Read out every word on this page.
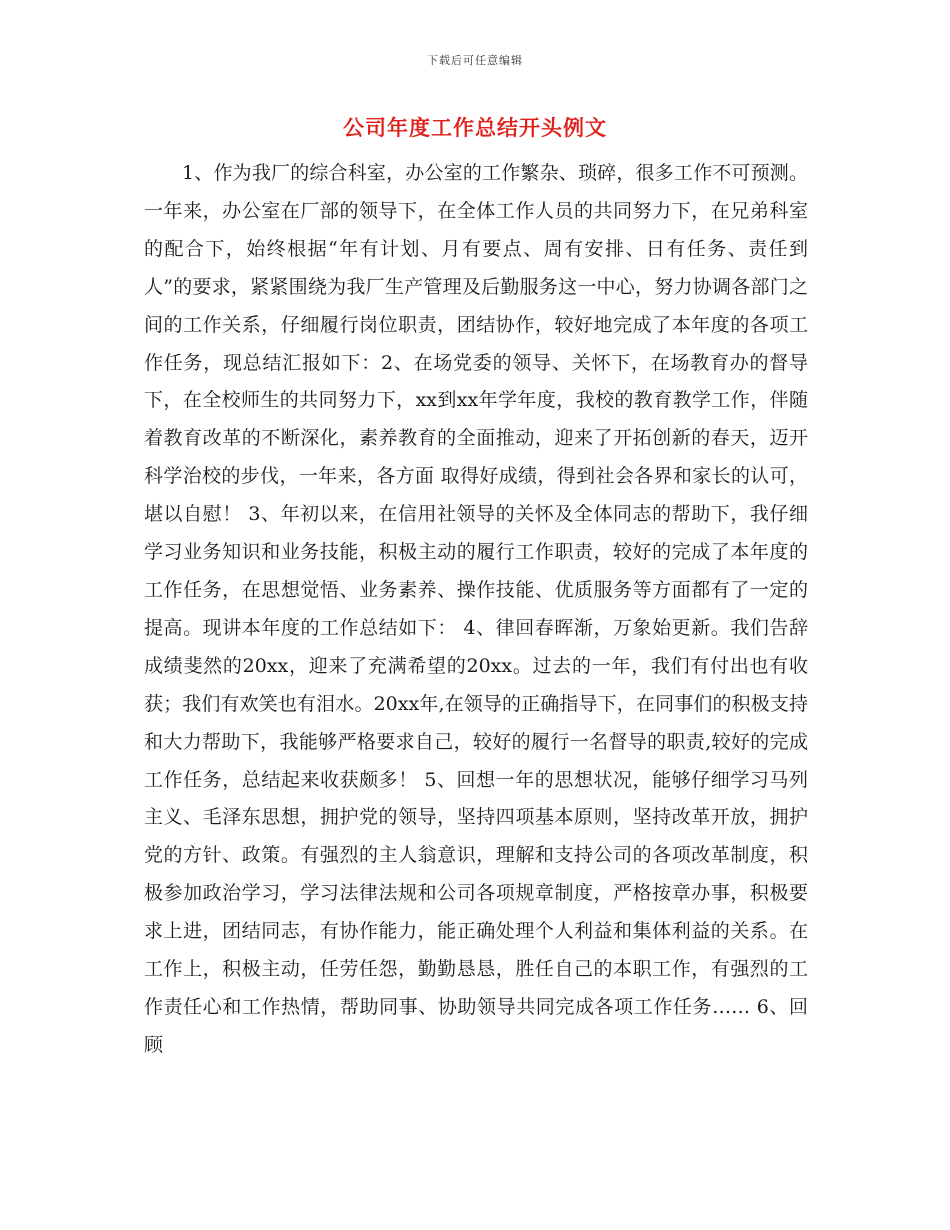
下载后可任意编辑
公司年度工作总结开头例文

1、作为我厂的综合科室，办公室的工作繁杂、琐碎，很多工作不可预测。一年来，办公室在厂部的领导下，在全体工作人员的共同努力下，在兄弟科室的配合下，始终根据“年有计划、月有要点、周有安排、日有任务、责任到人”的要求，紧紧围绕为我厂生产管理及后勤服务这一中心，努力协调各部门之间的工作关系，仔细履行岗位职责，团结协作，较好地完成了本年度的各项工作任务，现总结汇报如下：2、在场党委的领导、关怀下，在场教育办的督导下，在全校师生的共同努力下，xx到xx年学年度，我校的教育教学工作，伴随着教育改革的不断深化，素养教育的全面推动，迎来了开拓创新的春天，迈开科学治校的步伐，一年来，各方面 取得好成绩，得到社会各界和家长的认可，堪以自慰！ 3、年初以来，在信用社领导的关怀及全体同志的帮助下，我仔细学习业务知识和业务技能，积极主动的履行工作职责，较好的完成了本年度的工作任务，在思想觉悟、业务素养、操作技能、优质服务等方面都有了一定的提高。现讲本年度的工作总结如下： 4、律回春晖渐，万象始更新。我们告辞成绩斐然的20xx，迎来了充满希望的20xx。过去的一年，我们有付出也有收获；我们有欢笑也有泪水。20xx年,在领导的正确指导下，在同事们的积极支持和大力帮助下，我能够严格要求自己，较好的履行一名督导的职责,较好的完成工作任务，总结起来收获颇多！ 5、回想一年的思想状况，能够仔细学习马列主义、毛泽东思想，拥护党的领导，坚持四项基本原则，坚持改革开放，拥护党的方针、政策。有强烈的主人翁意识，理解和支持公司的各项改革制度，积极参加政治学习，学习法律法规和公司各项规章制度，严格按章办事，积极要求上进，团结同志，有协作能力，能正确处理个人利益和集体利益的关系。在工作上，积极主动，任劳任怨，勤勤恳恳，胜任自己的本职工作，有强烈的工作责任心和工作热情，帮助同事、协助领导共同完成各项工作任务…… 6、回顾
